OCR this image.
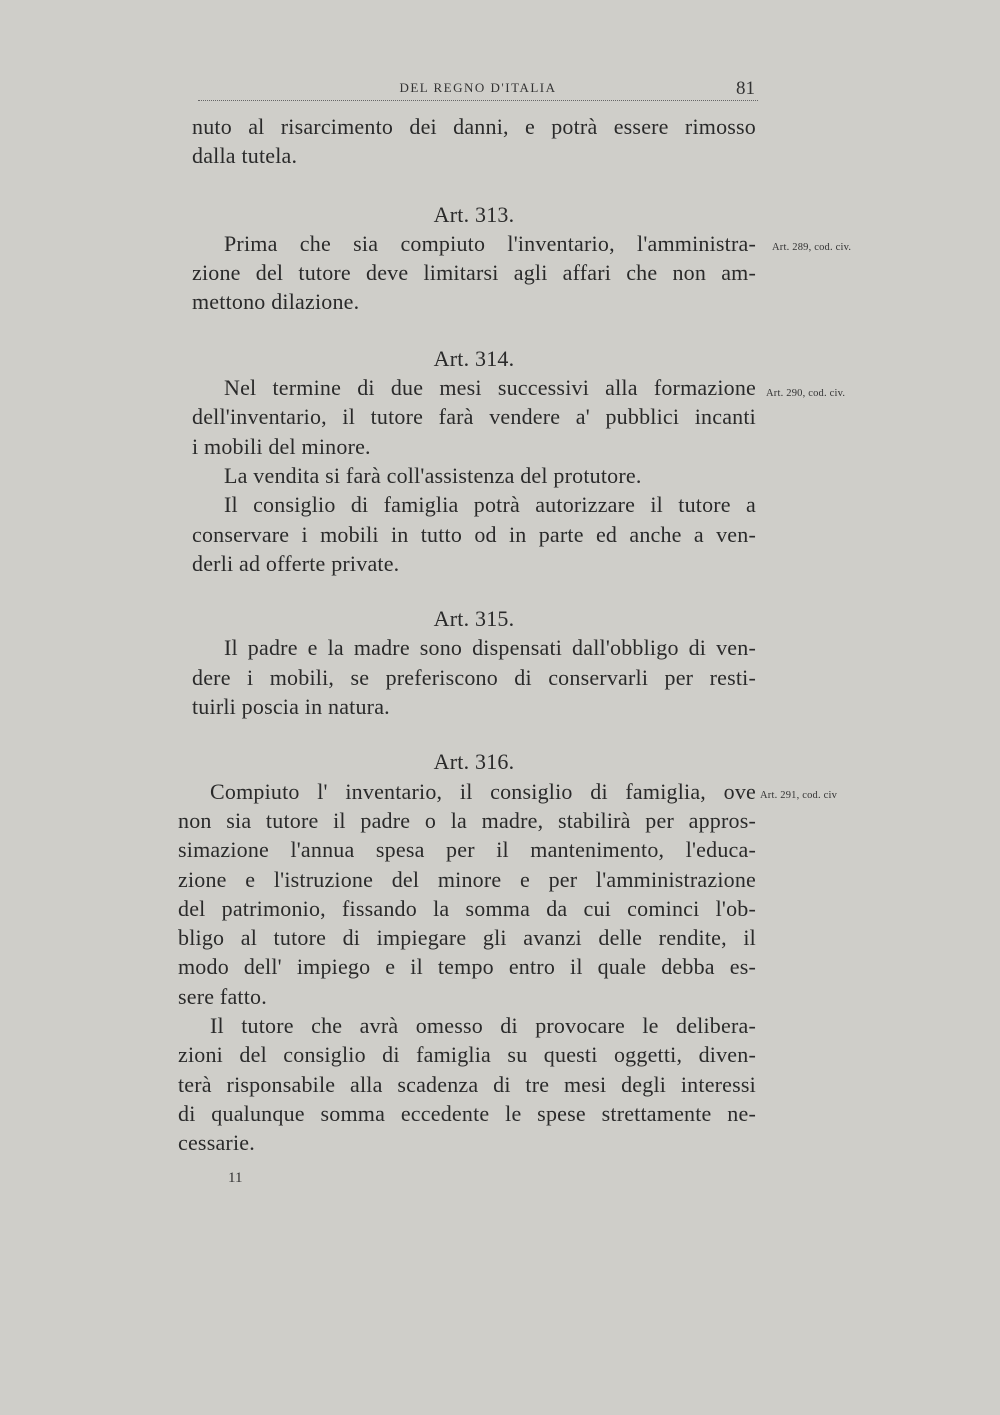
DEL REGNO D'ITALIA	81
nuto al risarcimento dei danni, e potrà essere rimosso
dalla tutela.
Art. 313.
Prima che sia compiuto l'inventario, l'amministra-
zione del tutore deve limitarsi agli affari che non am-
mettono dilazione.
Art. 314.
Nel termine di due mesi successivi alla formazione
dell'inventario, il tutore farà vendere a' pubblici incanti
i mobili del minore.
La vendita si farà coll'assistenza del protutore.
Il consiglio di famiglia potrà autorizzare il tutore a
conservare i mobili in tutto od in parte ed anche a ven-
derli ad offerte private.
Art. 315.
Il padre e la madre sono dispensati dall'obbligo di ven-
dere i mobili, se preferiscono di conservarli per resti-
tuirli poscia in natura.
Art. 316.
Compiuto l' inventario, il consiglio di famiglia, ove
non sia tutore il padre o la madre, stabilirà per appros-
simazione l'annua spesa per il mantenimento, l'educa-
zione e l'istruzione del minore e per l'amministrazione
del patrimonio, fissando la somma da cui cominci l'ob-
bligo al tutore di impiegare gli avanzi delle rendite, il
modo dell' impiego e il tempo entro il quale debba es-
sere fatto.
Il tutore che avrà omesso di provocare le delibera-
zioni del consiglio di famiglia su questi oggetti, diven-
terà risponsabile alla scadenza di tre mesi degli interessi
di qualunque somma eccedente le spese strettamente ne-
cessarie.
Art. 289, cod. civ.
Art. 290, cod. civ.
Art. 291, cod. civ
11
